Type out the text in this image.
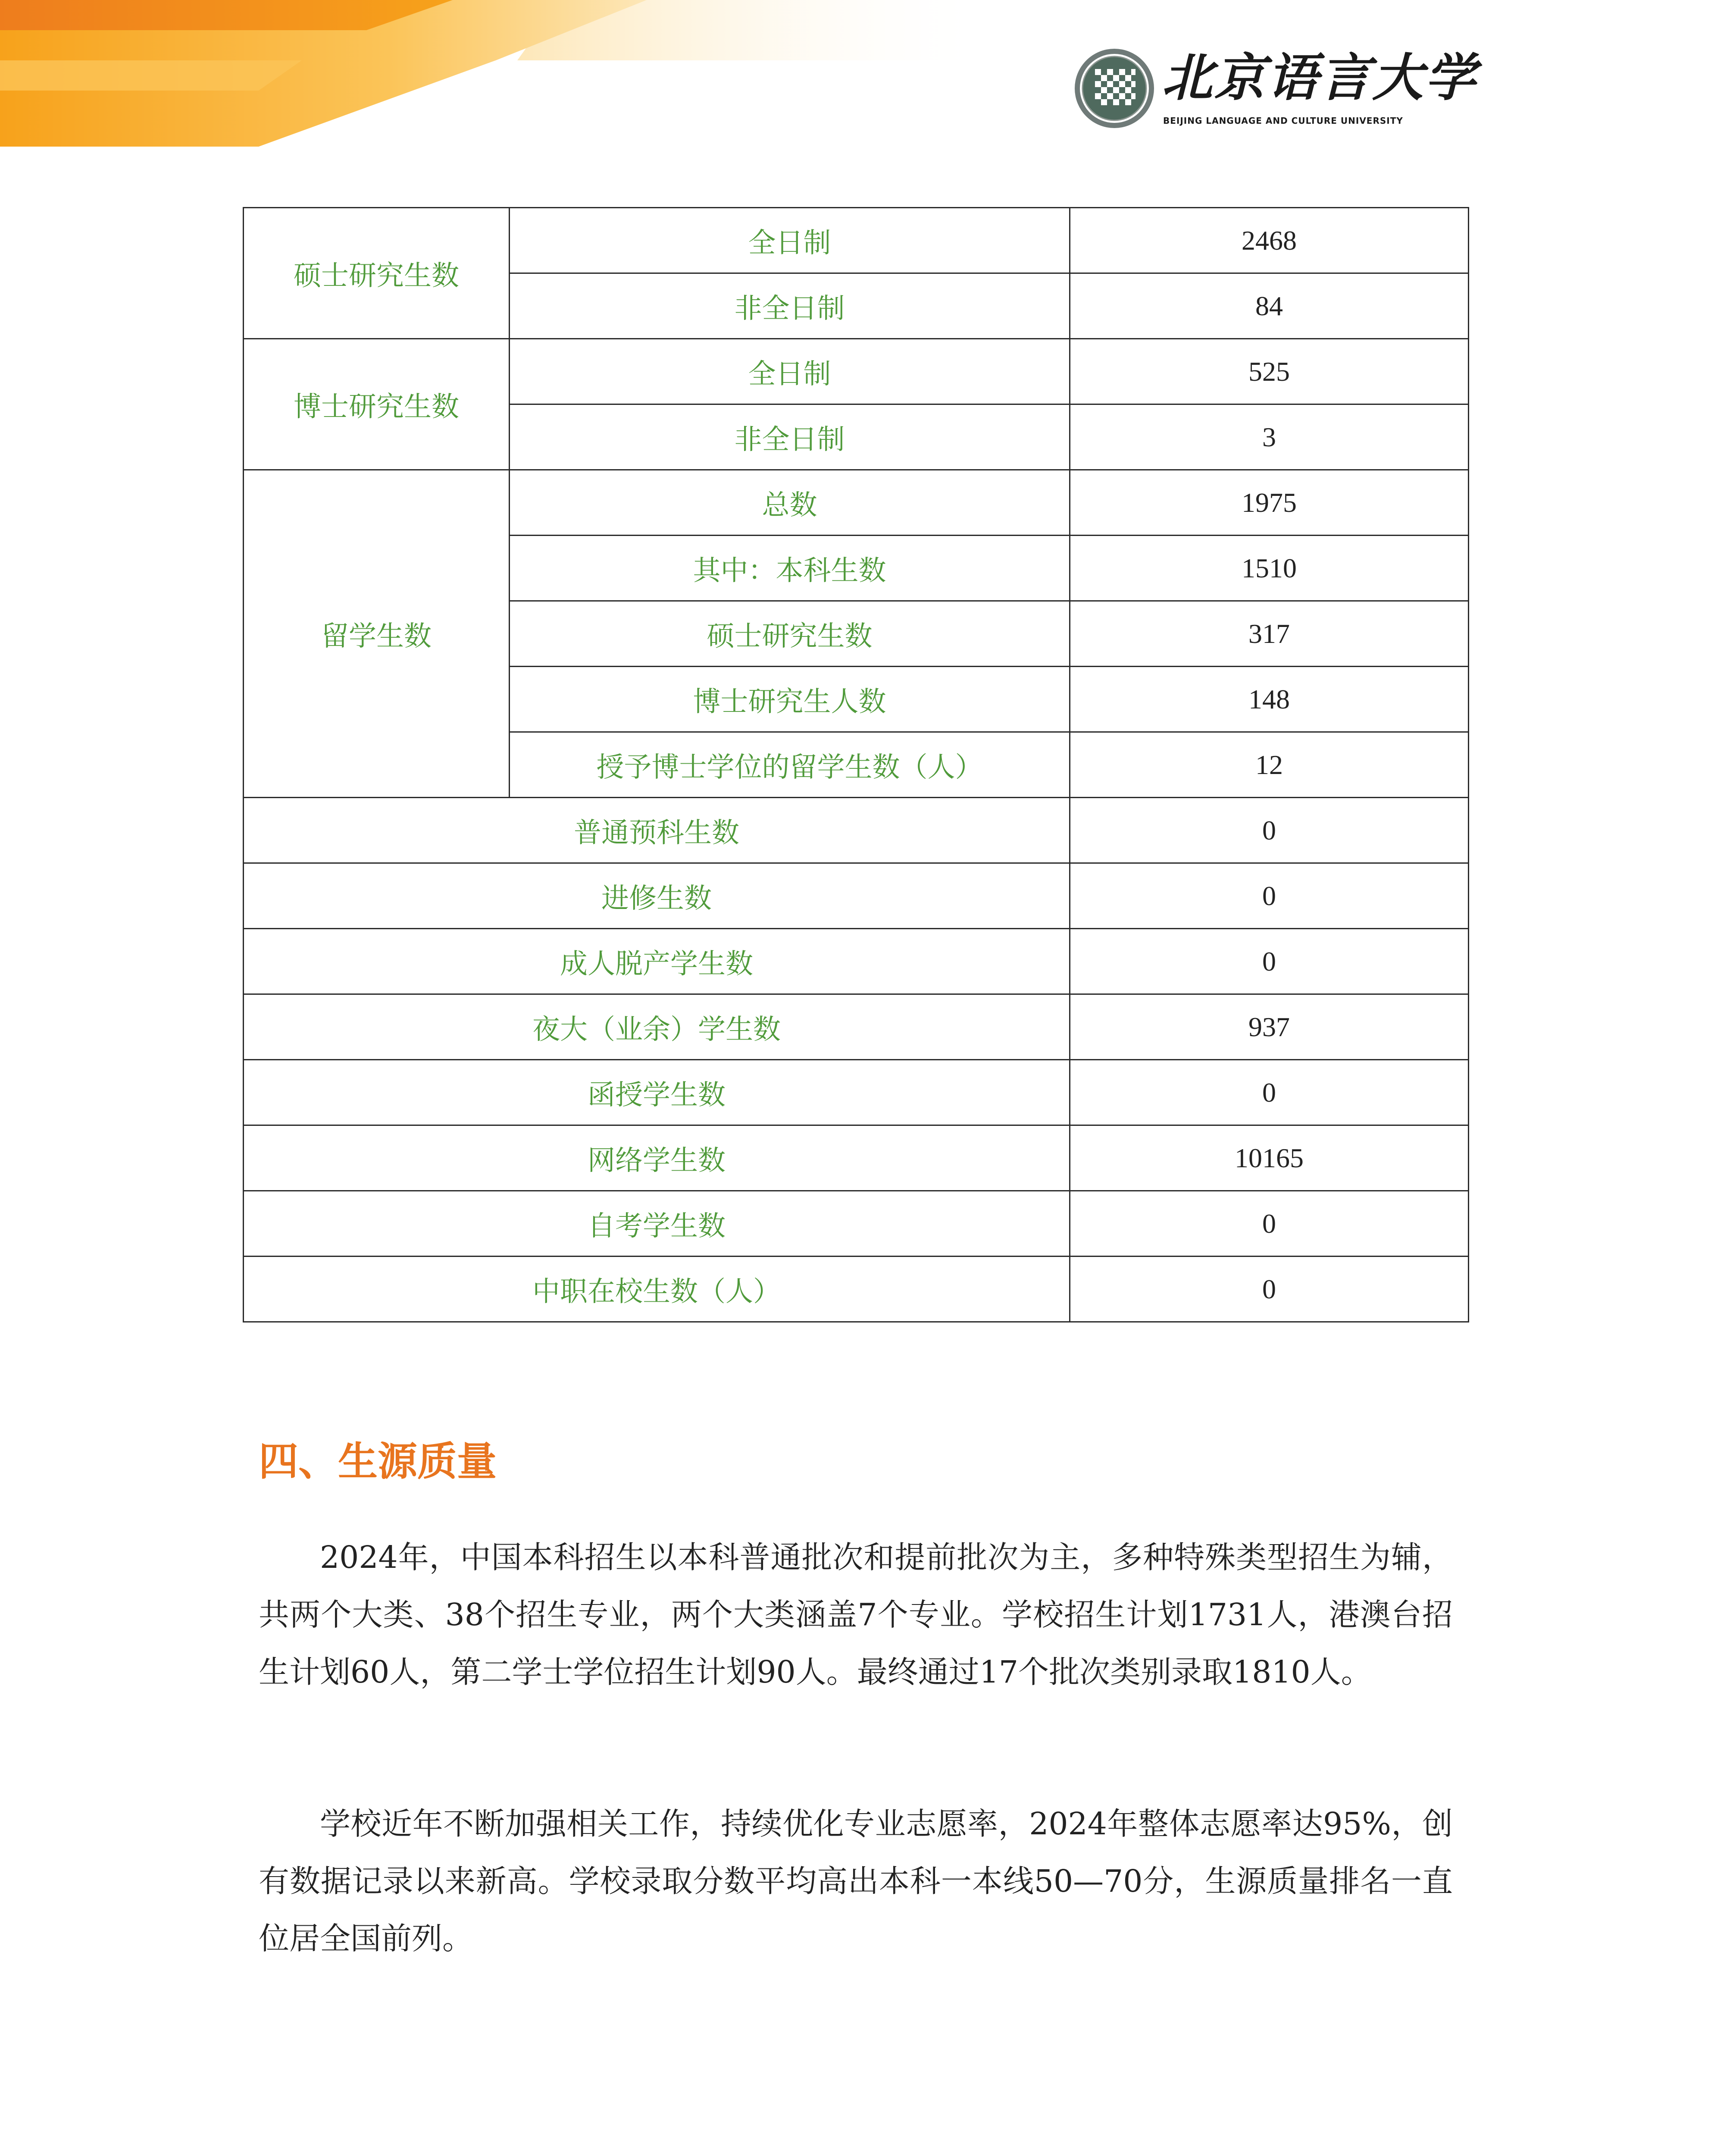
北京语言大学
BEIJING LANGUAGE AND CULTURE UNIVERSITY
硕士研究生数	全日制	2468
	非全日制	84
博士研究生数	全日制	525
	非全日制	3
留学生数	总数	1975
	其中：本科生数	1510
	硕士研究生数	317
	博士研究生人数	148
	授予博士学位的留学生数（人）	12
普通预科生数		0
进修生数		0
成人脱产学生数		0
夜大（业余）学生数		937
函授学生数		0
网络学生数		10165
自考学生数		0
中职在校生数（人）		0
四、生源质量

2024年，中国本科招生以本科普通批次和提前批次为主，多种特殊类型招生为辅，共两个大类、38个招生专业，两个大类涵盖7个专业。学校招生计划1731人，港澳台招生计划60人，第二学士学位招生计划90人。最终通过17个批次类别录取1810人。

学校近年不断加强相关工作，持续优化专业志愿率，2024年整体志愿率达95%，创有数据记录以来新高。学校录取分数平均高出本科一本线50—70分，生源质量排名一直位居全国前列。
